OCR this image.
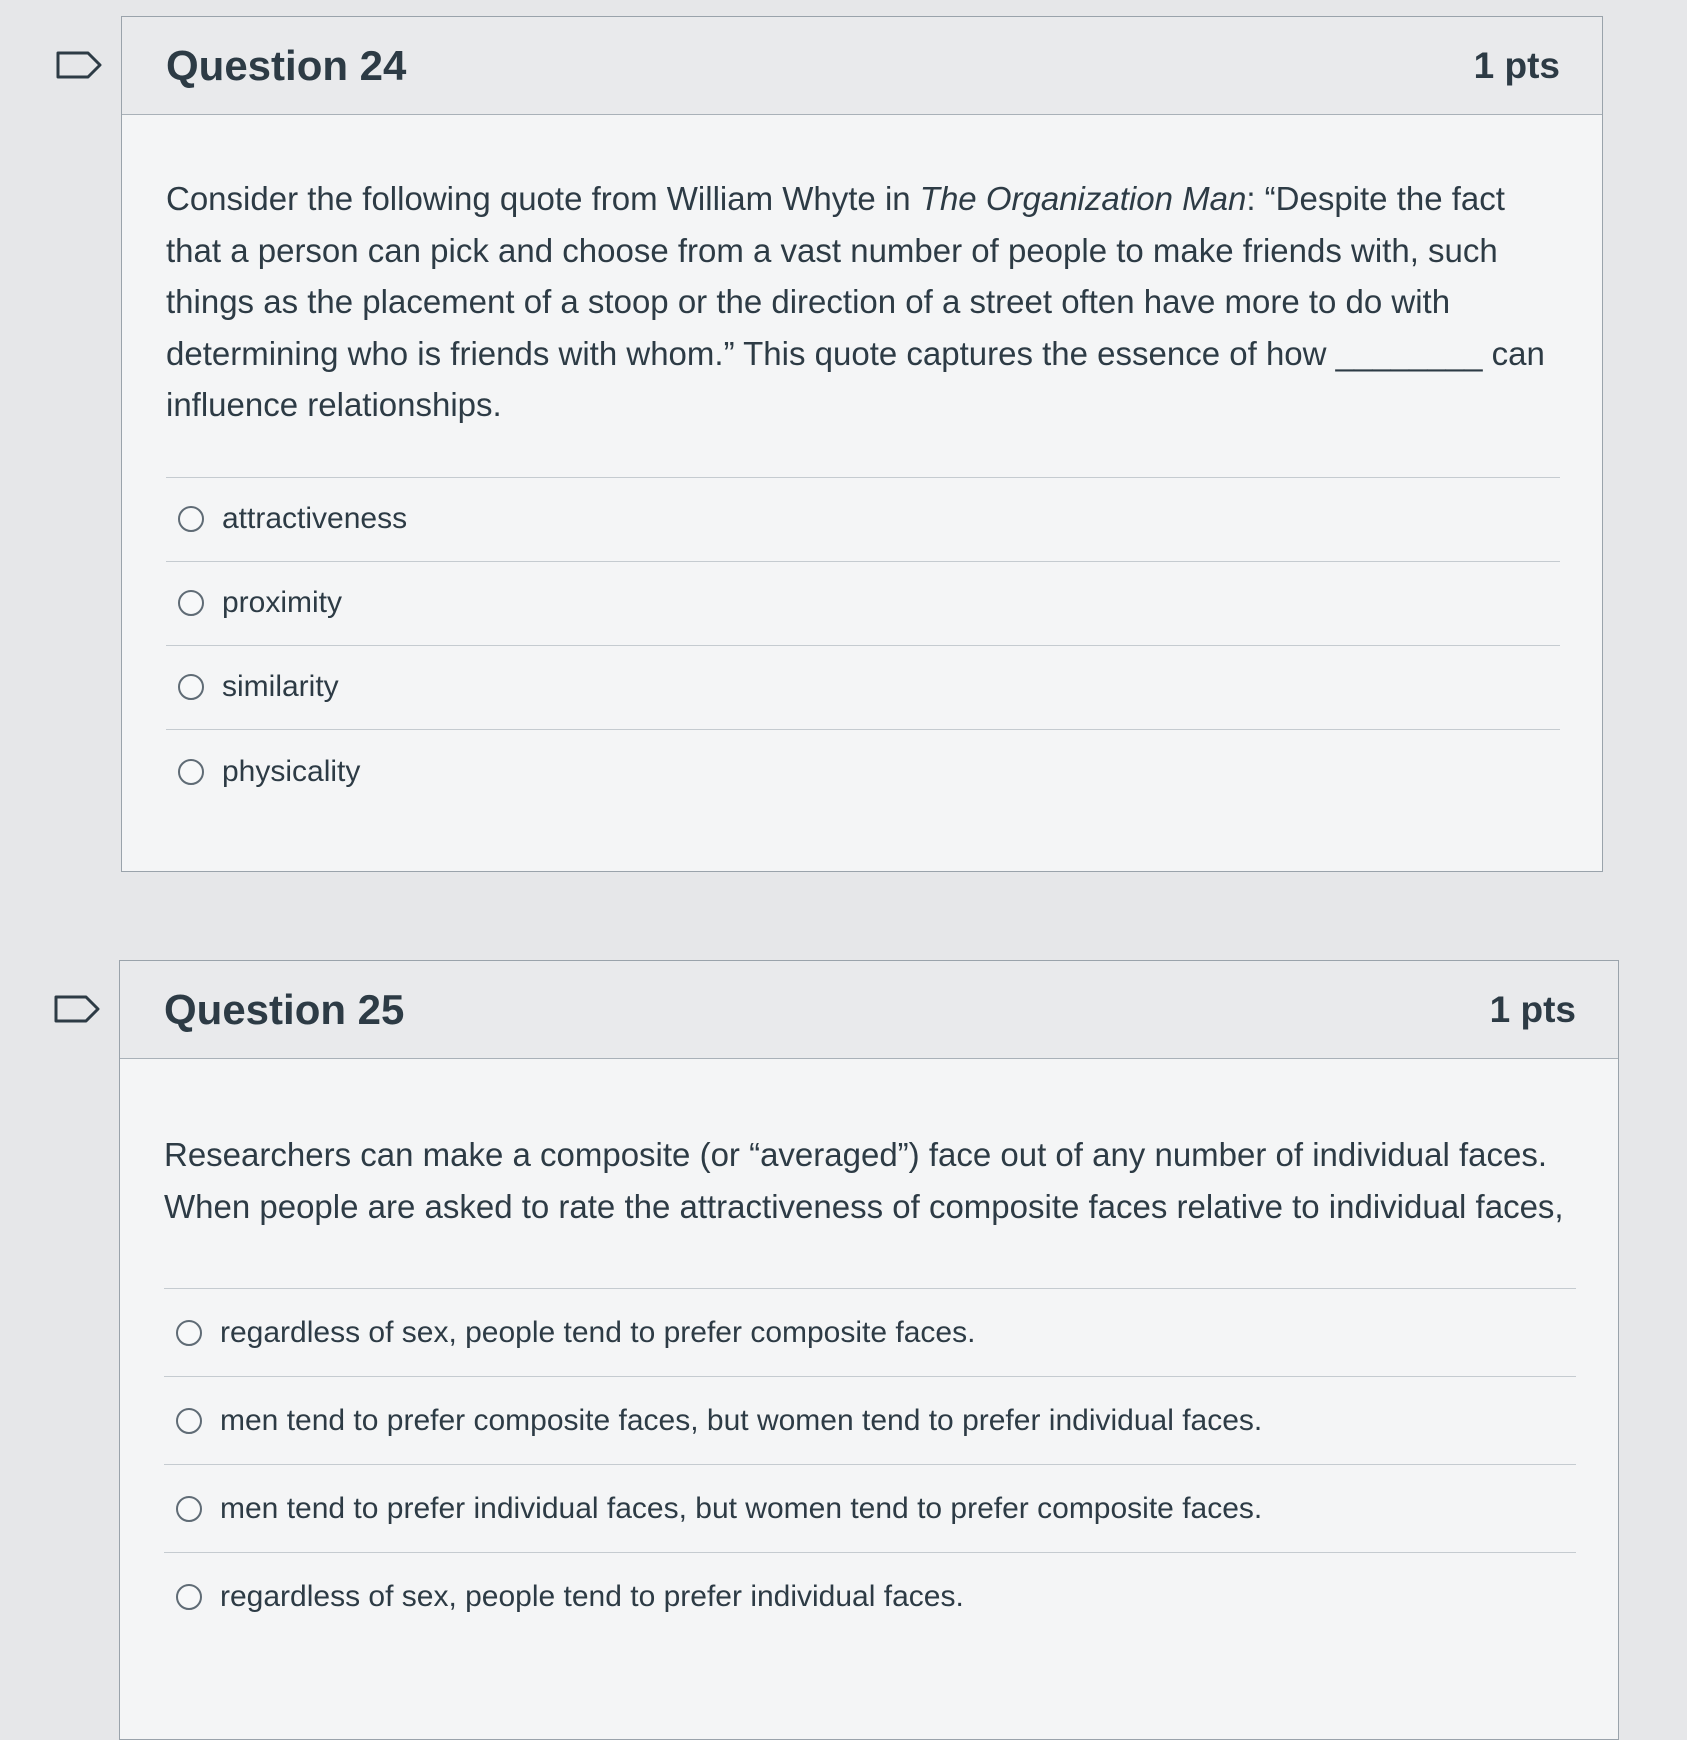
Question 24	1 pts

Consider the following quote from William Whyte in The Organization Man: “Despite the fact that a person can pick and choose from a vast number of people to make friends with, such things as the placement of a stoop or the direction of a street often have more to do with determining who is friends with whom.” This quote captures the essence of how ________ can influence relationships.

attractiveness
proximity
similarity
physicality
Question 25	1 pts

Researchers can make a composite (or “averaged”) face out of any number of individual faces. When people are asked to rate the attractiveness of composite faces relative to individual faces,

regardless of sex, people tend to prefer composite faces.
men tend to prefer composite faces, but women tend to prefer individual faces.
men tend to prefer individual faces, but women tend to prefer composite faces.
regardless of sex, people tend to prefer individual faces.
